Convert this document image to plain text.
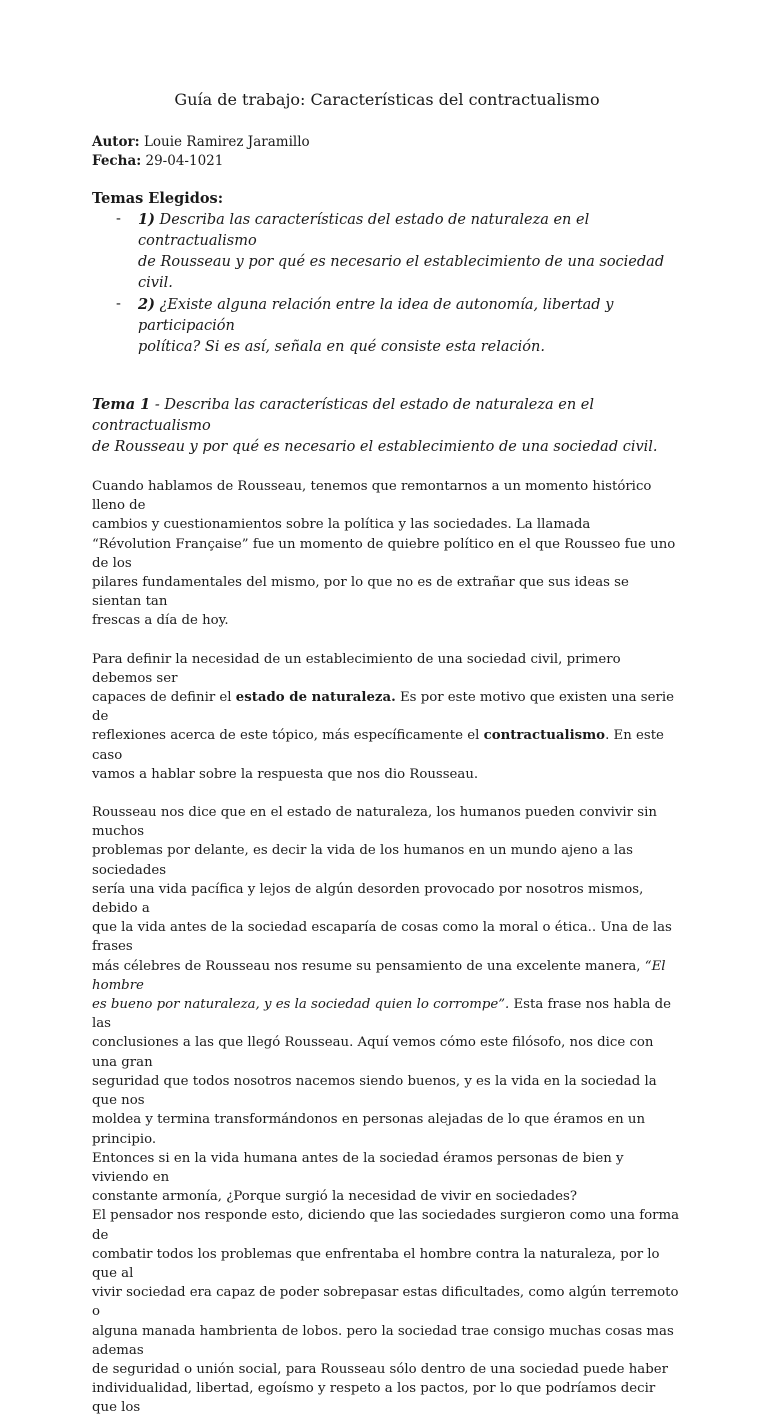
Guía de trabajo: Características del contractualismo
Autor: Louie Ramirez Jaramillo
Fecha: 29-04-1021
Temas Elegidos:
- 1) Describa las características del estado de naturaleza en el contractualismo
de Rousseau y por qué es necesario el establecimiento de una sociedad civil.
- 2) ¿Existe alguna relación entre la idea de autonomía, libertad y participación
política? Si es así, señala en qué consiste esta relación.
Tema 1 - Describa las características del estado de naturaleza en el contractualismo
de Rousseau y por qué es necesario el establecimiento de una sociedad civil.

Cuando hablamos de Rousseau, tenemos que remontarnos a un momento histórico lleno de
cambios y cuestionamientos sobre la política y las sociedades. La llamada
“Révolution Française” fue un momento de quiebre político en el que Rousseo fue uno de los
pilares fundamentales del mismo, por lo que no es de extrañar que sus ideas se sientan tan
frescas a día de hoy.

Para definir la necesidad de un establecimiento de una sociedad civil, primero debemos ser
capaces de definir el estado de naturaleza. Es por este motivo que existen una serie de
reflexiones acerca de este tópico, más específicamente el contractualismo. En este caso
vamos a hablar sobre la respuesta que nos dio Rousseau.

Rousseau nos dice que en el estado de naturaleza, los humanos pueden convivir sin muchos
problemas por delante, es decir la vida de los humanos en un mundo ajeno a las sociedades
sería una vida pacífica y lejos de algún desorden provocado por nosotros mismos, debido a
que la vida antes de la sociedad escaparía de cosas como la moral o ética.. Una de las frases
más célebres de Rousseau nos resume su pensamiento de una excelente manera, “El hombre
es bueno por naturaleza, y es la sociedad quien lo corrompe”. Esta frase nos habla de las
conclusiones a las que llegó Rousseau. Aquí vemos cómo este filósofo, nos dice con una gran
seguridad que todos nosotros nacemos siendo buenos, y es la vida en la sociedad la que nos
moldea y termina transformándonos en personas alejadas de lo que éramos en un principio.
Entonces si en la vida humana antes de la sociedad éramos personas de bien y viviendo en
constante armonía, ¿Porque surgió la necesidad de vivir en sociedades?

El pensador nos responde esto, diciendo que las sociedades surgieron como una forma de
combatir todos los problemas que enfrentaba el hombre contra la naturaleza, por lo que al
vivir sociedad era capaz de poder sobrepasar estas dificultades, como algún terremoto o
alguna manada hambrienta de lobos. pero la sociedad trae consigo muchas cosas mas ademas
de seguridad o unión social, para Rousseau sólo dentro de una sociedad puede haber
individualidad, libertad, egoísmo y respeto a los pactos, por lo que podríamos decir que los
